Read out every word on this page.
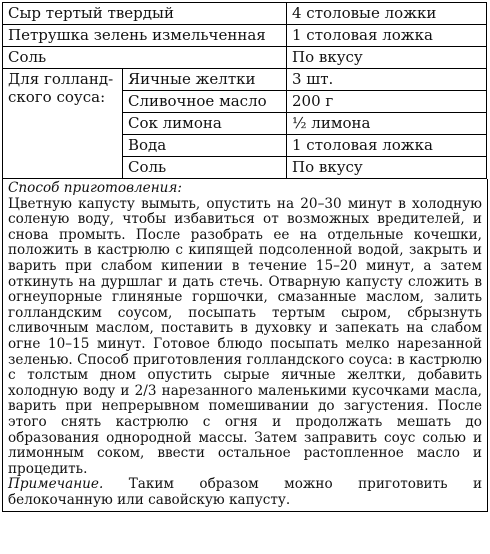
Сыр тертый твердый		4 столовые ложки
Петрушка зелень измельченная		1 столовая ложка
Соль		По вкусу
Для голландского соуса:	Яичные желтки	3 шт.
	Сливочное масло	200 г
	Сок лимона	½ лимона
	Вода	1 столовая ложка
	Соль	По вкусу

Способ приготовления:

Цветную капусту вымыть, опустить на 20–30 минут в холодную соленую воду, чтобы избавиться от возможных вредителей, и снова промыть. После разобрать ее на отдельные кочешки, положить в кастрюлю с кипящей подсоленной водой, закрыть и варить при слабом кипении в течение 15–20 минут, а затем откинуть на дуршлаг и дать стечь. Отварную капусту сложить в огнеупорные глиняные горшочки, смазанные маслом, залить голландским соусом, посыпать тертым сыром, сбрызнуть сливочным маслом, поставить в духовку и запекать на слабом огне 10–15 минут. Готовое блюдо посыпать мелко нарезанной зеленью. Способ приготовления голландского соуса: в кастрюлю с толстым дном опустить сырые яичные желтки, добавить холодную воду и 2/3 нарезанного маленькими кусочками масла, варить при непрерывном помешивании до загустения. После этого снять кастрюлю с огня и продолжать мешать до образования однородной массы. Затем заправить соус солью и лимонным соком, ввести остальное растопленное масло и процедить.

Примечание. Таким образом можно приготовить и белокочанную или савойскую капусту.
